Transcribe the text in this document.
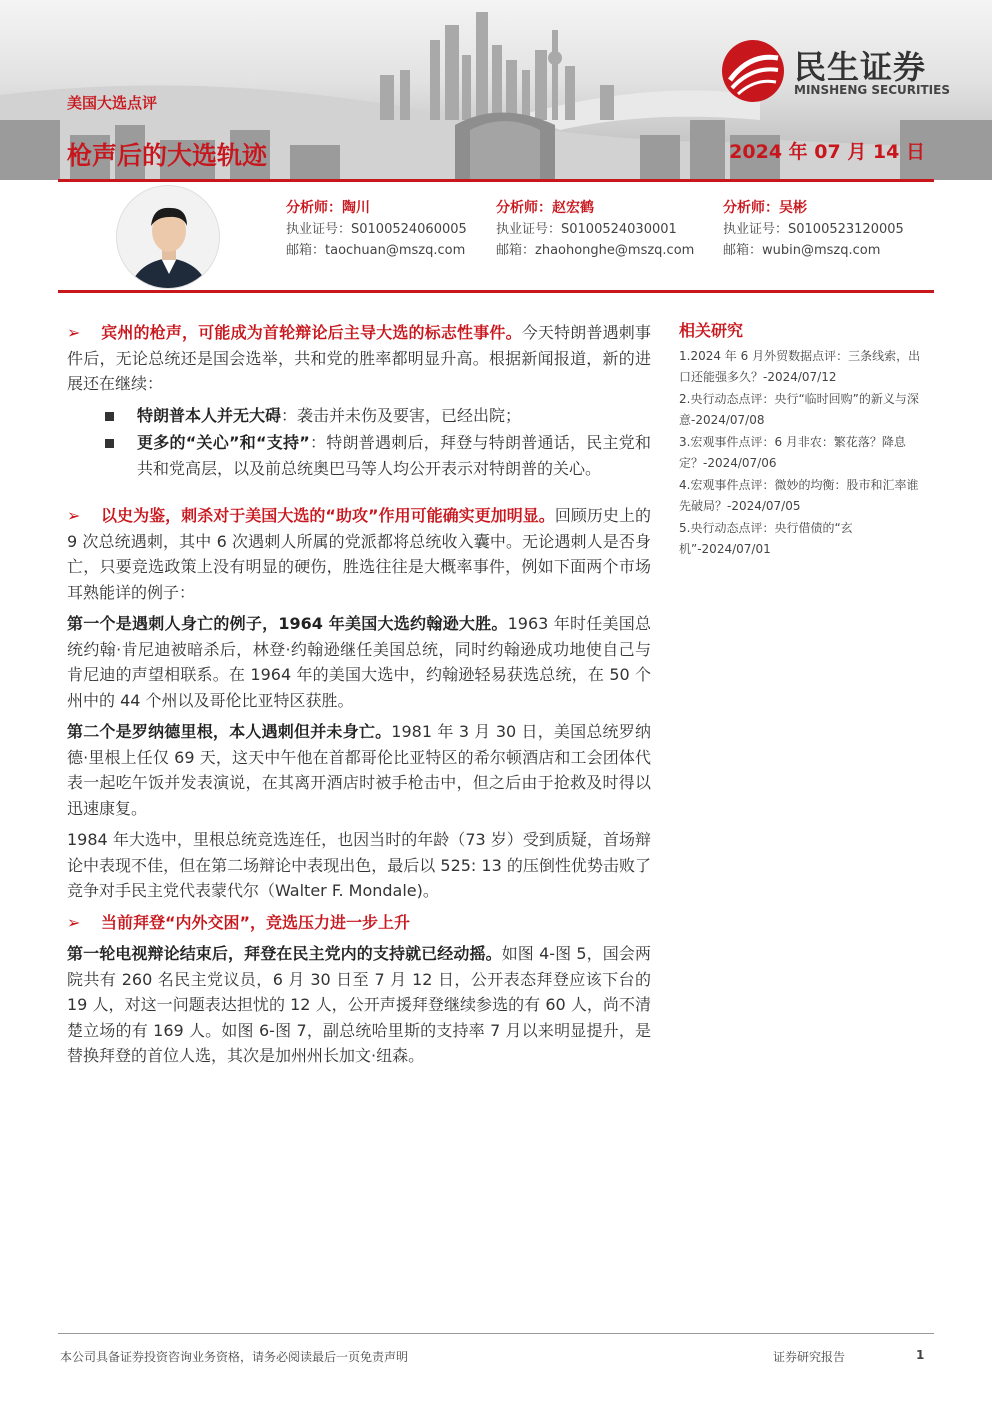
美国大选点评
枪声后的大选轨迹	2024 年 07 月 14 日
民生证券
MINSHENG SECURITIES
分析师：陶川
执业证号：S0100524060005
邮箱：taochuan@mszq.com
分析师：赵宏鹤
执业证号：S0100524030001
邮箱：zhaohonghe@mszq.com
分析师：吴彬
执业证号：S0100523120005
邮箱：wubin@mszq.com
➢ 宾州的枪声，可能成为首轮辩论后主导大选的标志性事件。今天特朗普遇刺事件后，无论总统还是国会选举，共和党的胜率都明显升高。根据新闻报道，新的进展还在继续：
特朗普本人并无大碍：袭击并未伤及要害，已经出院；
更多的“关心”和“支持”：特朗普遇刺后，拜登与特朗普通话，民主党和共和党高层，以及前总统奥巴马等人均公开表示对特朗普的关心。
➢ 以史为鉴，刺杀对于美国大选的“助攻”作用可能确实更加明显。回顾历史上的 9 次总统遇刺，其中 6 次遇刺人所属的党派都将总统收入囊中。无论遇刺人是否身亡，只要竞选政策上没有明显的硬伤，胜选往往是大概率事件，例如下面两个市场耳熟能详的例子：
第一个是遇刺人身亡的例子，1964 年美国大选约翰逊大胜。1963 年时任美国总统约翰·肯尼迪被暗杀后，林登·约翰逊继任美国总统，同时约翰逊成功地使自己与肯尼迪的声望相联系。在 1964 年的美国大选中，约翰逊轻易获选总统，在 50 个州中的 44 个州以及哥伦比亚特区获胜。
第二个是罗纳德里根，本人遇刺但并未身亡。1981 年 3 月 30 日，美国总统罗纳德·里根上任仅 69 天，这天中午他在首都哥伦比亚特区的希尔顿酒店和工会团体代表一起吃午饭并发表演说，在其离开酒店时被手枪击中，但之后由于抢救及时得以迅速康复。
1984 年大选中，里根总统竞选连任，也因当时的年龄（73 岁）受到质疑，首场辩论中表现不佳，但在第二场辩论中表现出色，最后以 525: 13 的压倒性优势击败了竞争对手民主党代表蒙代尔（Walter F. Mondale)。
➢ 当前拜登“内外交困”，竞选压力进一步上升
第一轮电视辩论结束后，拜登在民主党内的支持就已经动摇。如图 4-图 5，国会两院共有 260 名民主党议员，6 月 30 日至 7 月 12 日，公开表态拜登应该下台的 19 人，对这一问题表达担忧的 12 人，公开声援拜登继续参选的有 60 人，尚不清楚立场的有 169 人。如图 6-图 7，副总统哈里斯的支持率 7 月以来明显提升，是替换拜登的首位人选，其次是加州州长加文·纽森。
相关研究
1.2024 年 6 月外贸数据点评：三条线索，出口还能强多久？-2024/07/12
2.央行动态点评：央行“临时回购”的新义与深意-2024/07/08
3.宏观事件点评：6 月非农：繁花落？降息定？-2024/07/06
4.宏观事件点评：微妙的均衡：股市和汇率谁先破局？-2024/07/05
5.央行动态点评：央行借债的“玄机”-2024/07/01
本公司具备证券投资咨询业务资格，请务必阅读最后一页免责声明	证券研究报告	1
